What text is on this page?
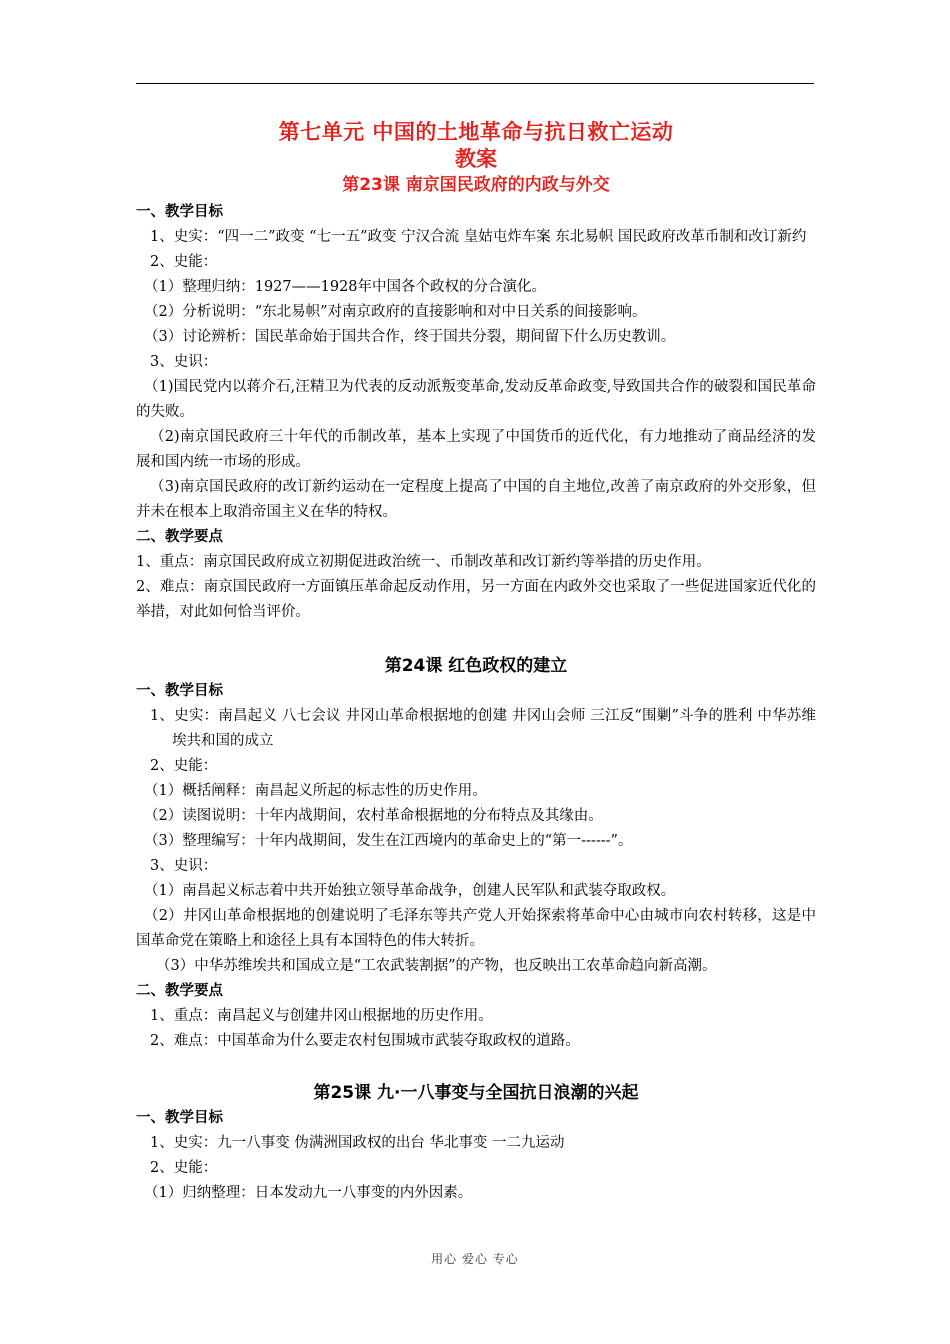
第七单元 中国的土地革命与抗日救亡运动
教案
第23课 南京国民政府的内政与外交
一、教学目标

1、史实：“四一二”政变 “七一五”政变 宁汉合流 皇姑屯炸车案 东北易帜 国民政府改革币制和改订新约

2、史能：

（1）整理归纳：1927——1928年中国各个政权的分合演化。

（2）分析说明：“东北易帜”对南京政府的直接影响和对中日关系的间接影响。

（3）讨论辨析：国民革命始于国共合作，终于国共分裂，期间留下什么历史教训。

3、史识：

（1)国民党内以蒋介石,汪精卫为代表的反动派叛变革命,发动反革命政变,导致国共合作的破裂和国民革命的失败。

（2)南京国民政府三十年代的币制改革，基本上实现了中国货币的近代化，有力地推动了商品经济的发展和国内统一市场的形成。

（3)南京国民政府的改订新约运动在一定程度上提高了中国的自主地位,改善了南京政府的外交形象，但并未在根本上取消帝国主义在华的特权。

二、教学要点

1、重点：南京国民政府成立初期促进政治统一、币制改革和改订新约等举措的历史作用。

2、难点：南京国民政府一方面镇压革命起反动作用，另一方面在内政外交也采取了一些促进国家近代化的举措，对此如何恰当评价。

第24课 红色政权的建立
一、教学目标

1、史实：南昌起义 八七会议 井冈山革命根据地的创建 井冈山会师 三江反“围剿”斗争的胜利 中华苏维埃共和国的成立

2、史能：

（1）概括阐释：南昌起义所起的标志性的历史作用。

（2）读图说明：十年内战期间，农村革命根据地的分布特点及其缘由。

（3）整理编写：十年内战期间，发生在江西境内的革命史上的“第一------”。

3、史识：

（1）南昌起义标志着中共开始独立领导革命战争，创建人民军队和武装夺取政权。

（2）井冈山革命根据地的创建说明了毛泽东等共产党人开始探索将革命中心由城市向农村转移，这是中国革命党在策略上和途径上具有本国特色的伟大转折。

（3）中华苏维埃共和国成立是“工农武装割据”的产物，也反映出工农革命趋向新高潮。

二、教学要点

1、重点：南昌起义与创建井冈山根据地的历史作用。

2、难点：中国革命为什么要走农村包围城市武装夺取政权的道路。

第25课 九·一八事变与全国抗日浪潮的兴起
一、教学目标

1、史实：九一八事变 伪满洲国政权的出台 华北事变 一二九运动

2、史能：

（1）归纳整理：日本发动九一八事变的内外因素。

用心 爱心 专心
